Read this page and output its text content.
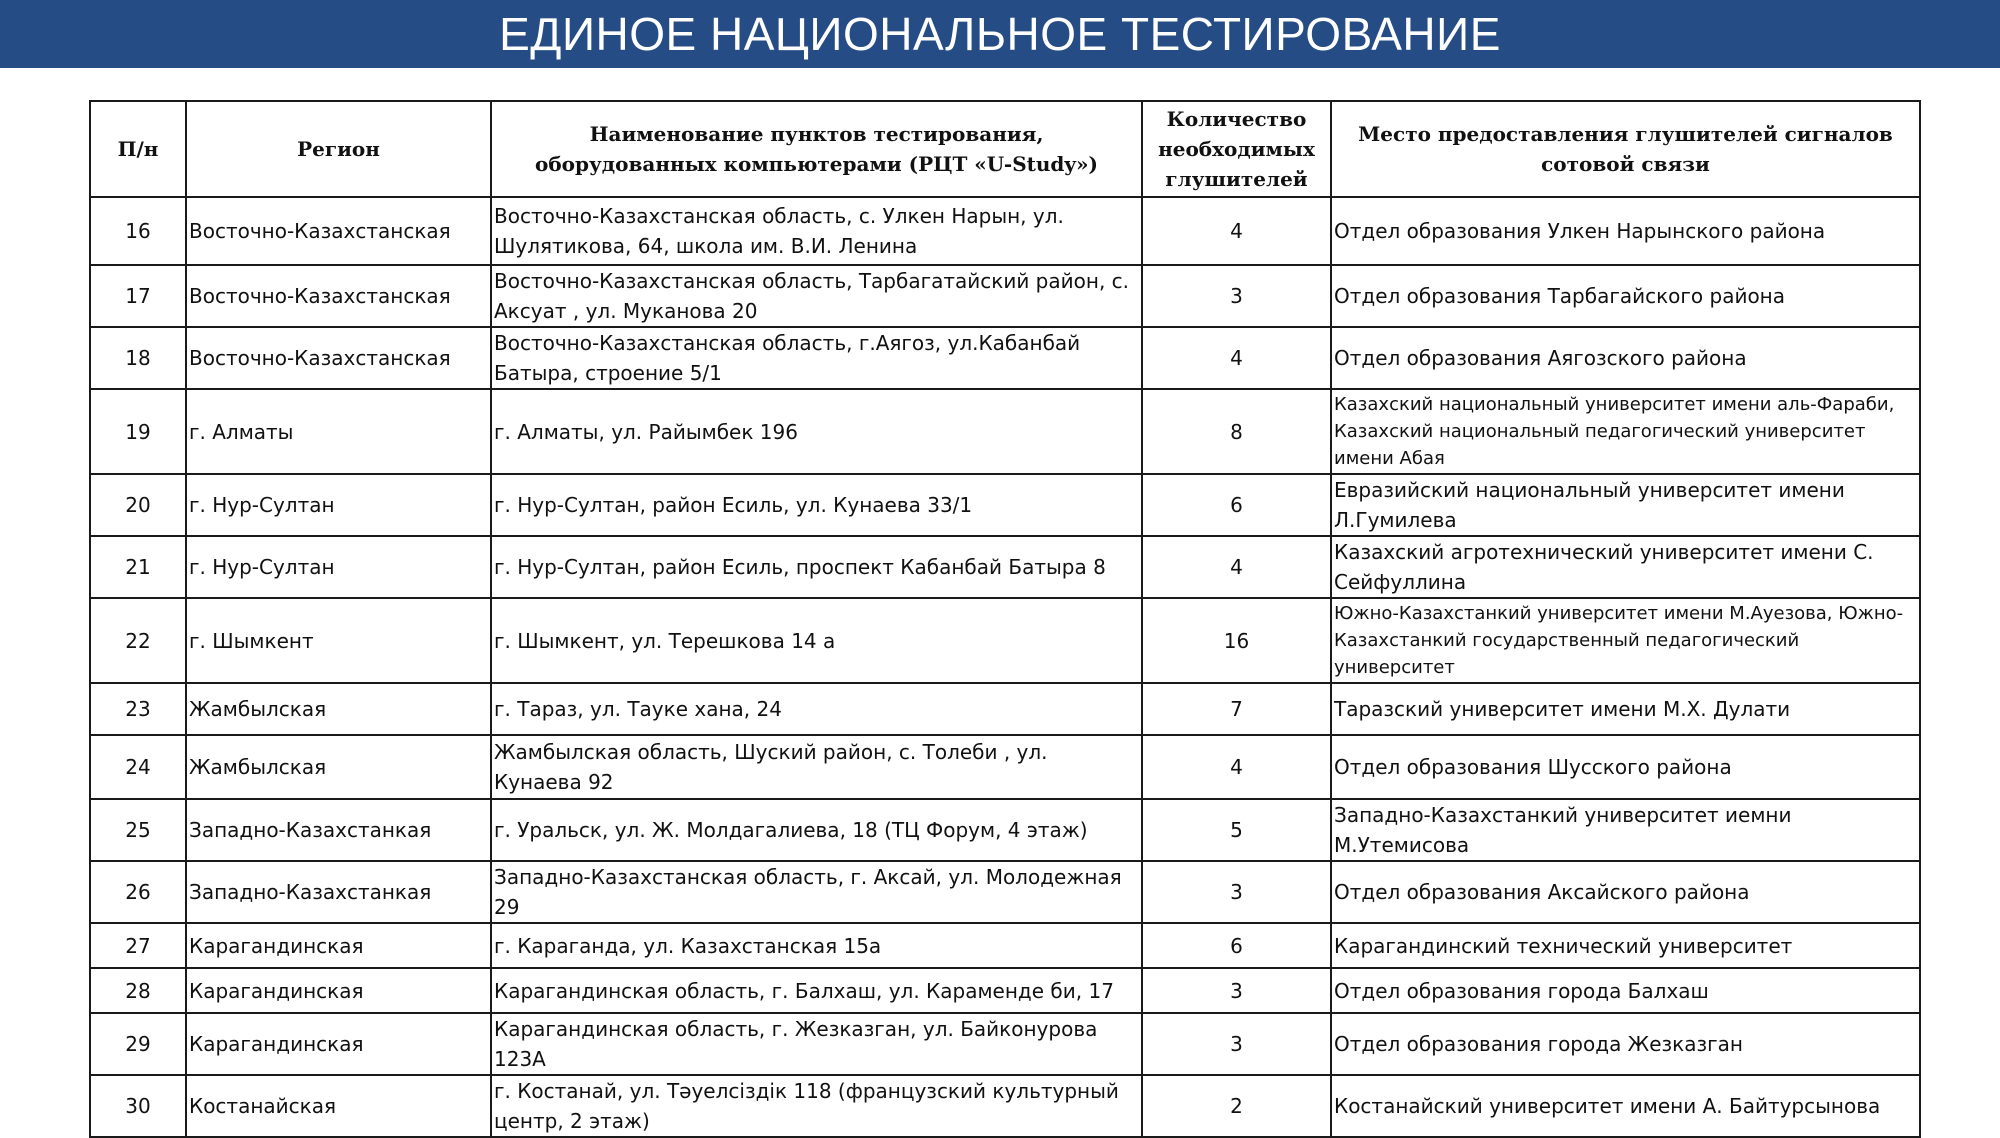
ЕДИНОЕ НАЦИОНАЛЬНОЕ ТЕСТИРОВАНИЕ
П/н	Регион	Наименование пунктов тестирования, оборудованных компьютерами (РЦТ «U-Study»)	Количество необходимых глушителей	Место предоставления глушителей сигналов сотовой связи
16	Восточно-Казахстанская	Восточно-Казахстанская область, с. Улкен Нарын, ул. Шулятикова, 64, школа им. В.И. Ленина	4	Отдел образования Улкен Нарынского района
17	Восточно-Казахстанская	Восточно-Казахстанская область, Тарбагатайский район, с. Аксуат , ул. Муканова 20	3	Отдел образования Тарбагайского района
18	Восточно-Казахстанская	Восточно-Казахстанская область, г.Аягоз, ул.Кабанбай Батыра, строение 5/1	4	Отдел образования Аягозского района
19	г. Алматы	г. Алматы, ул. Райымбек 196	8	Казахский национальный университет имени аль-Фараби, Казахский национальный педагогический университет имени Абая
20	г. Нур-Султан	г. Нур-Султан, район Есиль, ул. Кунаева 33/1	6	Евразийский национальный университет имени Л.Гумилева
21	г. Нур-Султан	г. Нур-Султан, район Есиль, проспект Кабанбай Батыра 8	4	Казахский агротехнический университет имени С. Сейфуллина
22	г. Шымкент	г. Шымкент, ул. Терешкова 14 а	16	Южно-Казахстанкий университет имени М.Ауезова, Южно-Казахстанкий государственный педагогический университет
23	Жамбылская	г. Тараз, ул. Тауке хана, 24	7	Таразский университет имени М.Х. Дулати
24	Жамбылская	Жамбылская область, Шуский район, с. Толеби , ул. Кунаева 92	4	Отдел образования Шусского района
25	Западно-Казахстанкая	г. Уральск, ул. Ж. Молдагалиева, 18 (ТЦ Форум, 4 этаж)	5	Западно-Казахстанкий университет иемни М.Утемисова
26	Западно-Казахстанкая	Западно-Казахстанская область, г. Аксай, ул. Молодежная 29	3	Отдел образования Аксайского района
27	Карагандинская	г. Караганда, ул. Казахстанская 15а	6	Карагандинский технический университет
28	Карагандинская	Карагандинская область, г. Балхаш, ул. Караменде би, 17	3	Отдел образования города Балхаш
29	Карагандинская	Карагандинская область, г. Жезказган, ул. Байконурова 123А	3	Отдел образования города Жезказган
30	Костанайская	г. Костанай, ул. Тәуелсіздік 118 (французский культурный центр, 2 этаж)	2	Костанайский университет имени А. Байтурсынова
